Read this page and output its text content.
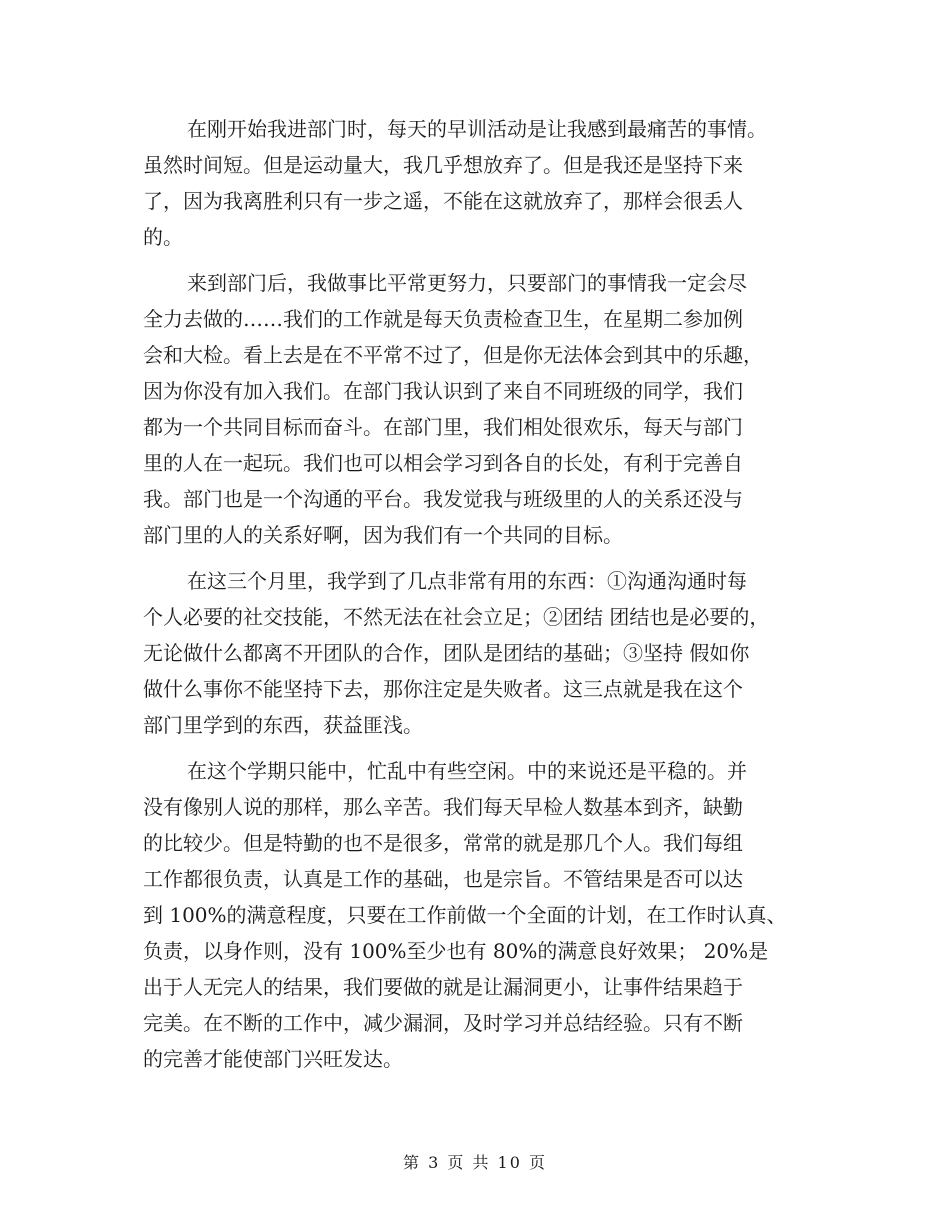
在刚开始我进部门时，每天的早训活动是让我感到最痛苦的事情。
虽然时间短。但是运动量大，我几乎想放弃了。但是我还是坚持下来
了，因为我离胜利只有一步之遥，不能在这就放弃了，那样会很丢人
的。
来到部门后，我做事比平常更努力，只要部门的事情我一定会尽
全力去做的……我们的工作就是每天负责检查卫生，在星期二参加例
会和大检。看上去是在不平常不过了，但是你无法体会到其中的乐趣，
因为你没有加入我们。在部门我认识到了来自不同班级的同学，我们
都为一个共同目标而奋斗。在部门里，我们相处很欢乐，每天与部门
里的人在一起玩。我们也可以相会学习到各自的长处，有利于完善自
我。部门也是一个沟通的平台。我发觉我与班级里的人的关系还没与
部门里的人的关系好啊，因为我们有一个共同的目标。
在这三个月里，我学到了几点非常有用的东西：①沟通沟通时每
个人必要的社交技能，不然无法在社会立足；②团结 团结也是必要的，
无论做什么都离不开团队的合作，团队是团结的基础；③坚持 假如你
做什么事你不能坚持下去，那你注定是失败者。这三点就是我在这个
部门里学到的东西，获益匪浅。
在这个学期只能中，忙乱中有些空闲。中的来说还是平稳的。并
没有像别人说的那样，那么辛苦。我们每天早检人数基本到齐，缺勤
的比较少。但是特勤的也不是很多，常常的就是那几个人。我们每组
工作都很负责，认真是工作的基础，也是宗旨。不管结果是否可以达
到 100%的满意程度，只要在工作前做一个全面的计划，在工作时认真、
负责，以身作则，没有 100%至少也有 80%的满意良好效果； 20%是
出于人无完人的结果，我们要做的就是让漏洞更小，让事件结果趋于
完美。在不断的工作中，减少漏洞，及时学习并总结经验。只有不断
的完善才能使部门兴旺发达。
第 3 页 共 10 页
